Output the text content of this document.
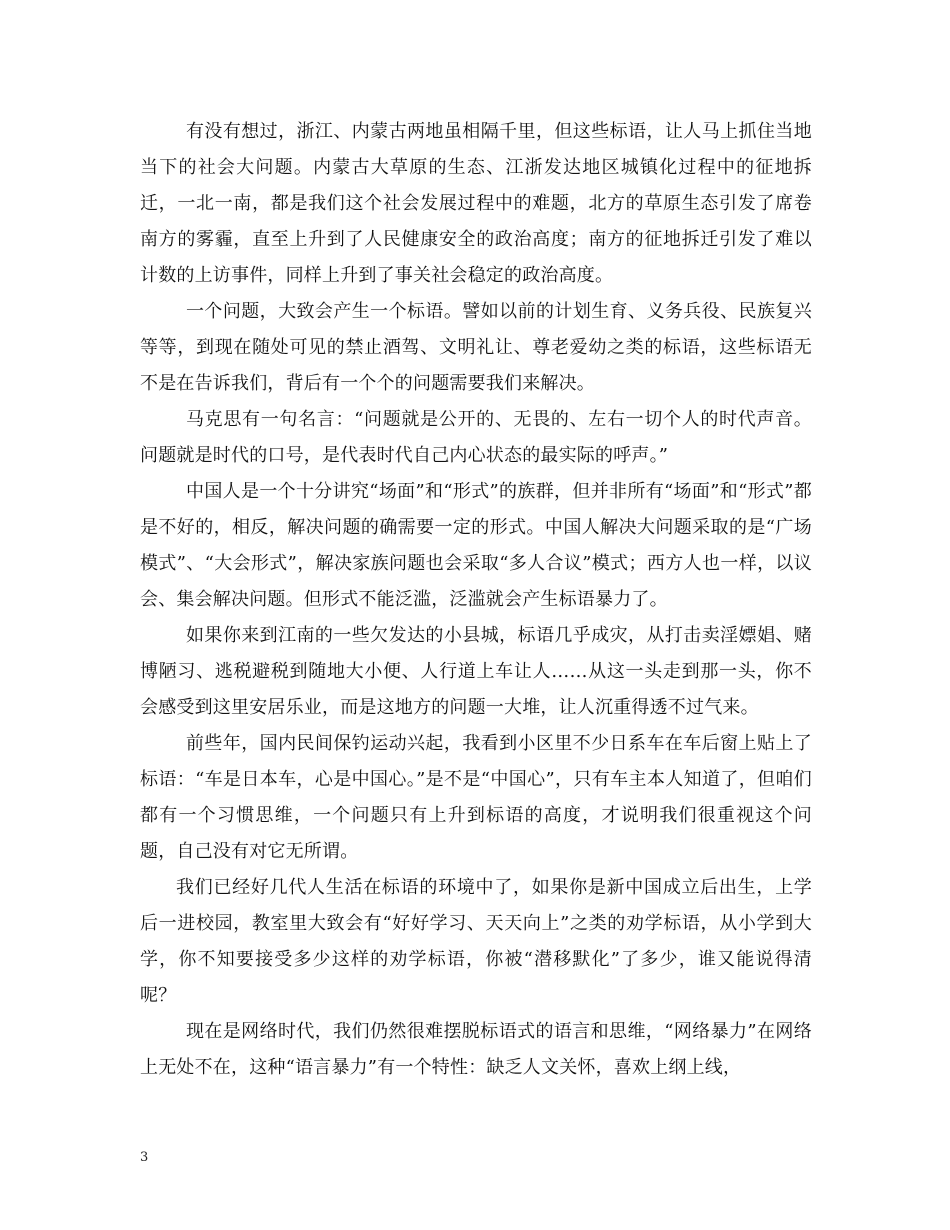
有没有想过，浙江、内蒙古两地虽相隔千里，但这些标语，让人马上抓住当地当下的社会大问题。内蒙古大草原的生态、江浙发达地区城镇化过程中的征地拆迁，一北一南，都是我们这个社会发展过程中的难题，北方的草原生态引发了席卷南方的雾霾，直至上升到了人民健康安全的政治高度；南方的征地拆迁引发了难以计数的上访事件，同样上升到了事关社会稳定的政治高度。

一个问题，大致会产生一个标语。譬如以前的计划生育、义务兵役、民族复兴等等，到现在随处可见的禁止酒驾、文明礼让、尊老爱幼之类的标语，这些标语无不是在告诉我们，背后有一个个的问题需要我们来解决。

马克思有一句名言：“问题就是公开的、无畏的、左右一切个人的时代声音。问题就是时代的口号，是代表时代自己内心状态的最实际的呼声。”

中国人是一个十分讲究“场面”和“形式”的族群，但并非所有“场面”和“形式”都是不好的，相反，解决问题的确需要一定的形式。中国人解决大问题采取的是“广场模式”、“大会形式”，解决家族问题也会采取“多人合议”模式；西方人也一样，以议会、集会解决问题。但形式不能泛滥，泛滥就会产生标语暴力了。

如果你来到江南的一些欠发达的小县城，标语几乎成灾，从打击卖淫嫖娼、赌博陋习、逃税避税到随地大小便、人行道上车让人……从这一头走到那一头，你不会感受到这里安居乐业，而是这地方的问题一大堆，让人沉重得透不过气来。

前些年，国内民间保钓运动兴起，我看到小区里不少日系车在车后窗上贴上了标语：“车是日本车，心是中国心。”是不是“中国心”，只有车主本人知道了，但咱们都有一个习惯思维，一个问题只有上升到标语的高度，才说明我们很重视这个问题，自己没有对它无所谓。

我们已经好几代人生活在标语的环境中了，如果你是新中国成立后出生，上学后一进校园，教室里大致会有“好好学习、天天向上”之类的劝学标语，从小学到大学，你不知要接受多少这样的劝学标语，你被“潜移默化”了多少，谁又能说得清呢？

现在是网络时代，我们仍然很难摆脱标语式的语言和思维，“网络暴力”在网络上无处不在，这种“语言暴力”有一个特性：缺乏人文关怀，喜欢上纲上线，

3
